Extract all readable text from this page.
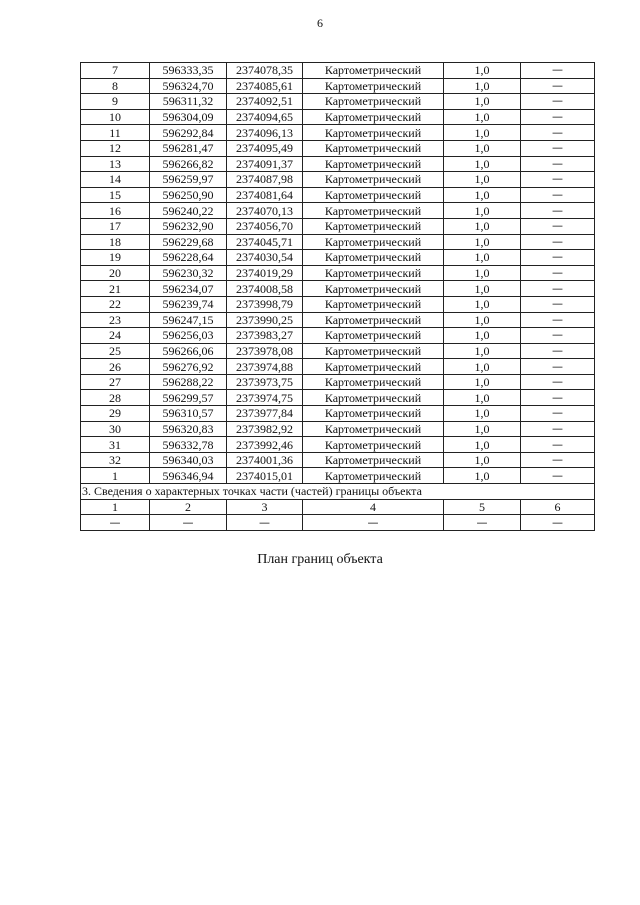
6
7	596333,35	2374078,35	Картометрический	1,0	—
8	596324,70	2374085,61	Картометрический	1,0	—
9	596311,32	2374092,51	Картометрический	1,0	—
10	596304,09	2374094,65	Картометрический	1,0	—
11	596292,84	2374096,13	Картометрический	1,0	—
12	596281,47	2374095,49	Картометрический	1,0	—
13	596266,82	2374091,37	Картометрический	1,0	—
14	596259,97	2374087,98	Картометрический	1,0	—
15	596250,90	2374081,64	Картометрический	1,0	—
16	596240,22	2374070,13	Картометрический	1,0	—
17	596232,90	2374056,70	Картометрический	1,0	—
18	596229,68	2374045,71	Картометрический	1,0	—
19	596228,64	2374030,54	Картометрический	1,0	—
20	596230,32	2374019,29	Картометрический	1,0	—
21	596234,07	2374008,58	Картометрический	1,0	—
22	596239,74	2373998,79	Картометрический	1,0	—
23	596247,15	2373990,25	Картометрический	1,0	—
24	596256,03	2373983,27	Картометрический	1,0	—
25	596266,06	2373978,08	Картометрический	1,0	—
26	596276,92	2373974,88	Картометрический	1,0	—
27	596288,22	2373973,75	Картометрический	1,0	—
28	596299,57	2373974,75	Картометрический	1,0	—
29	596310,57	2373977,84	Картометрический	1,0	—
30	596320,83	2373982,92	Картометрический	1,0	—
31	596332,78	2373992,46	Картометрический	1,0	—
32	596340,03	2374001,36	Картометрический	1,0	—
1	596346,94	2374015,01	Картометрический	1,0	—
3. Сведения о характерных точках части (частей) границы объекта					
1	2	3	4	5	6
—	—	—	—	—	—
План границ объекта
